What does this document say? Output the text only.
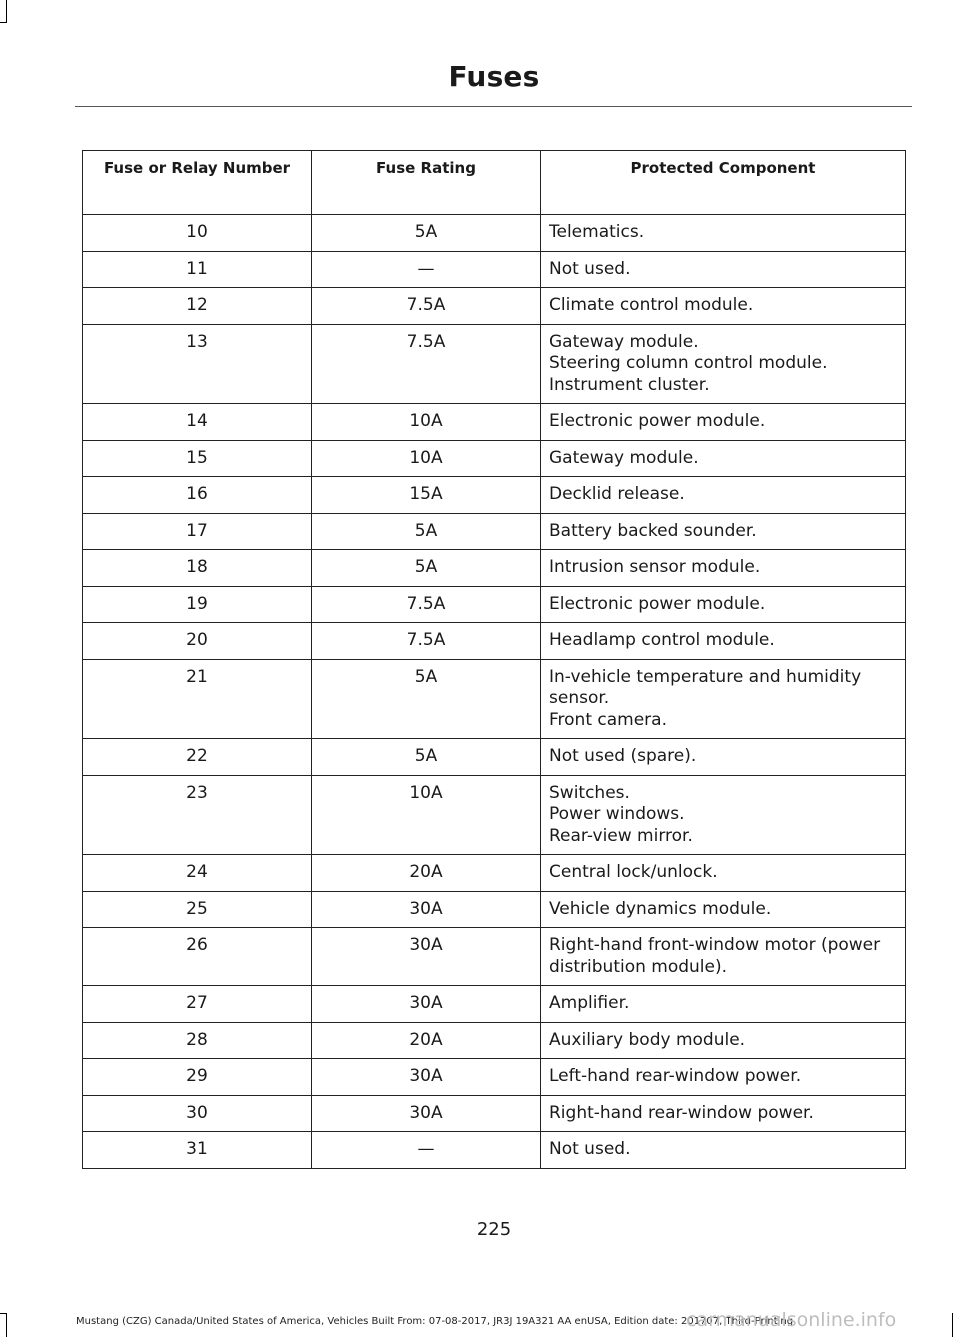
Fuses
Fuse or Relay Number	Fuse Rating	Protected Component
10	5A	Telematics.

11	—	Not used.

12	7.5A	Climate control module.

13	7.5A	Gateway module.
Steering column control module.
Instrument cluster.

14	10A	Electronic power module.

15	10A	Gateway module.

16	15A	Decklid release.

17	5A	Battery backed sounder.

18	5A	Intrusion sensor module.

19	7.5A	Electronic power module.

20	7.5A	Headlamp control module.

21	5A	In-vehicle temperature and humidity sensor.
Front camera.

22	5A	Not used (spare).

23	10A	Switches.
Power windows.
Rear-view mirror.

24	20A	Central lock/unlock.

25	30A	Vehicle dynamics module.

26	30A	Right-hand front-window motor (power distribution module).

27	30A	Amplifier.

28	20A	Auxiliary body module.

29	30A	Left-hand rear-window power.

30	30A	Right-hand rear-window power.

31	—	Not used.
225
Mustang (CZG) Canada/United States of America, Vehicles Built From: 07-08-2017, JR3J 19A321 AA enUSA, Edition date: 201707, Third-Printing
carmanualsonline.info
